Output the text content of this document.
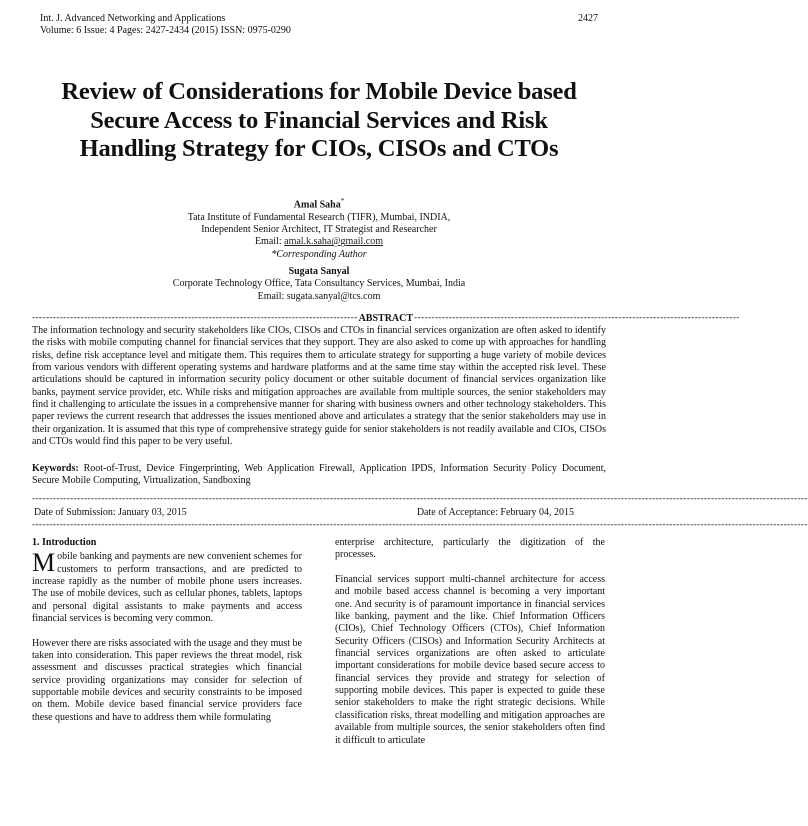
Int. J. Advanced Networking and Applications
Volume: 6 Issue: 4 Pages: 2427-2434 (2015) ISSN: 0975-0290
2427
Review of Considerations for Mobile Device based Secure Access to Financial Services and Risk Handling Strategy for CIOs, CISOs and CTOs
Amal Saha*
Tata Institute of Fundamental Research (TIFR), Mumbai, INDIA,
Independent Senior Architect, IT Strategist and Researcher
Email: amal.k.saha@gmail.com
*Corresponding Author
Sugata Sanyal
Corporate Technology Office, Tata Consultancy Services, Mumbai, India
Email: sugata.sanyal@tcs.com
---------------------------------------------------------------------------------------------- ABSTRACT ----------------------------------------------------------------------------------------------
The information technology and security stakeholders like CIOs, CISOs and CTOs in financial services organization are often asked to identify the risks with mobile computing channel for financial services that they support. They are also asked to come up with approaches for handling risks, define risk acceptance level and mitigate them. This requires them to articulate strategy for supporting a huge variety of mobile devices from various vendors with different operating systems and hardware platforms and at the same time stay within the accepted risk level. These articulations should be captured in information security policy document or other suitable document of financial services organization like banks, payment service provider, etc. While risks and mitigation approaches are available from multiple sources, the senior stakeholders may find it challenging to articulate the issues in a comprehensive manner for sharing with business owners and other technology stakeholders. This paper reviews the current research that addresses the issues mentioned above and articulates a strategy that the senior stakeholders may use in their organization. It is assumed that this type of comprehensive strategy guide for senior stakeholders is not readily available and CIOs, CISOs and CTOs would find this paper to be very useful.
Keywords: Root-of-Trust, Device Fingerprinting, Web Application Firewall, Application IPDS, Information Security Policy Document, Secure Mobile Computing, Virtualization, Sandboxing
--------------------------------------------------------------------------------------------------------------------------------------------------------------------------------------------------------------------------------
Date of Submission: January 03, 2015	Date of Acceptance: February 04, 2015
--------------------------------------------------------------------------------------------------------------------------------------------------------------------------------------------------------------------------------
1. Introduction

Mobile banking and payments are new convenient schemes for customers to perform transactions, and are predicted to increase rapidly as the number of mobile phone users increases. The use of mobile devices, such as cellular phones, tablets, laptops and personal digital assistants to make payments and access financial services is becoming very common.

However there are risks associated with the usage and they must be taken into consideration. This paper reviews the threat model, risk assessment and discusses practical strategies which financial service providing organizations may consider for selection of supportable mobile devices and security constraints to be imposed on them. Mobile device based financial service providers face these questions and have to address them while formulating

enterprise architecture, particularly the digitization of the processes.

Financial services support multi-channel architecture for access and mobile based access channel is becoming a very important one. And security is of paramount importance in financial services like banking, payment and the like. Chief Information Officers (CIOs), Chief Technology Officers (CTOs), Chief Information Security Officers (CISOs) and Information Security Architects at financial services organizations are often asked to articulate important considerations for mobile device based secure access to financial services they provide and strategy for selection of supporting mobile devices. This paper is expected to guide these senior stakeholders to make the right strategic decisions. While classification risks, threat modelling and mitigation approaches are available from multiple sources, the senior stakeholders often find it difficult to articulate
